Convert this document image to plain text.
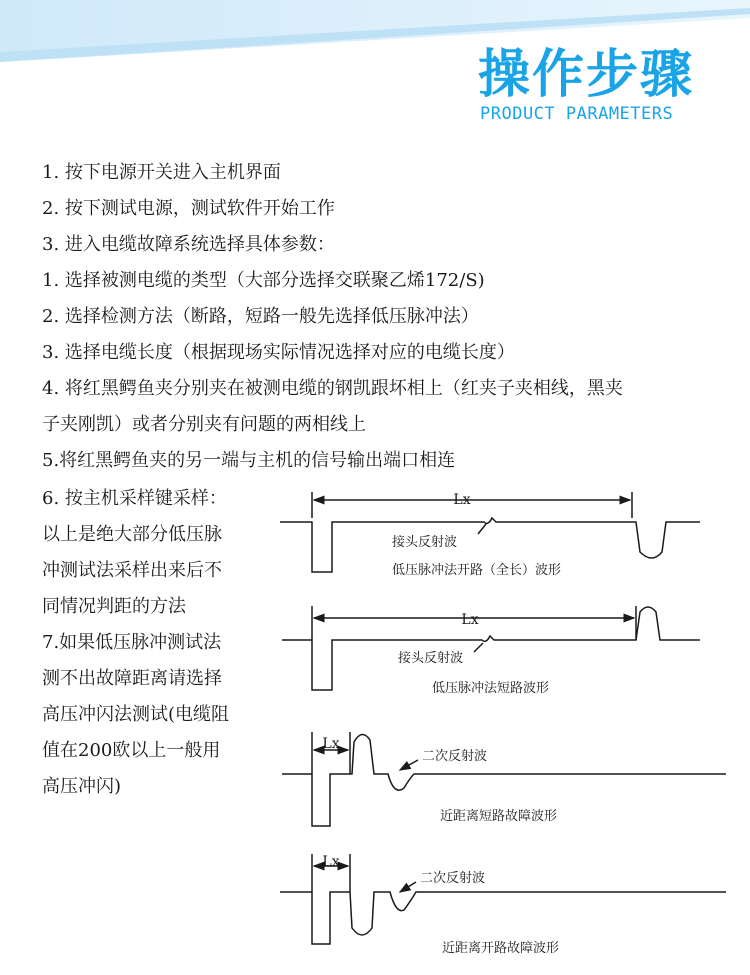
操作步骤
PRODUCT PARAMETERS
1. 按下电源开关进入主机界面
2. 按下测试电源，测试软件开始工作
3. 进入电缆故障系统选择具体参数：
1. 选择被测电缆的类型（大部分选择交联聚乙烯172/S)
2. 选择检测方法（断路，短路一般先选择低压脉冲法）
3. 选择电缆长度（根据现场实际情况选择对应的电缆长度）
4. 将红黑鳄鱼夹分别夹在被测电缆的钢凯跟坏相上（红夹子夹相线，黑夹
子夹刚凯）或者分别夹有问题的两相线上
5.将红黑鳄鱼夹的另一端与主机的信号输出端口相连
6. 按主机采样键采样：
以上是绝大部分低压脉
冲测试法采样出来后不
同情况判距的方法
7.如果低压脉冲测试法
测不出故障距离请选择
高压冲闪法测试(电缆阻
值在200欧以上一般用
高压冲闪)
Lx
接头反射波
低压脉冲法开路（全长）波形
Lx
接头反射波
低压脉冲法短路波形
Lx
二次反射波
近距离短路故障波形
Lx
二次反射波
近距离开路故障波形
